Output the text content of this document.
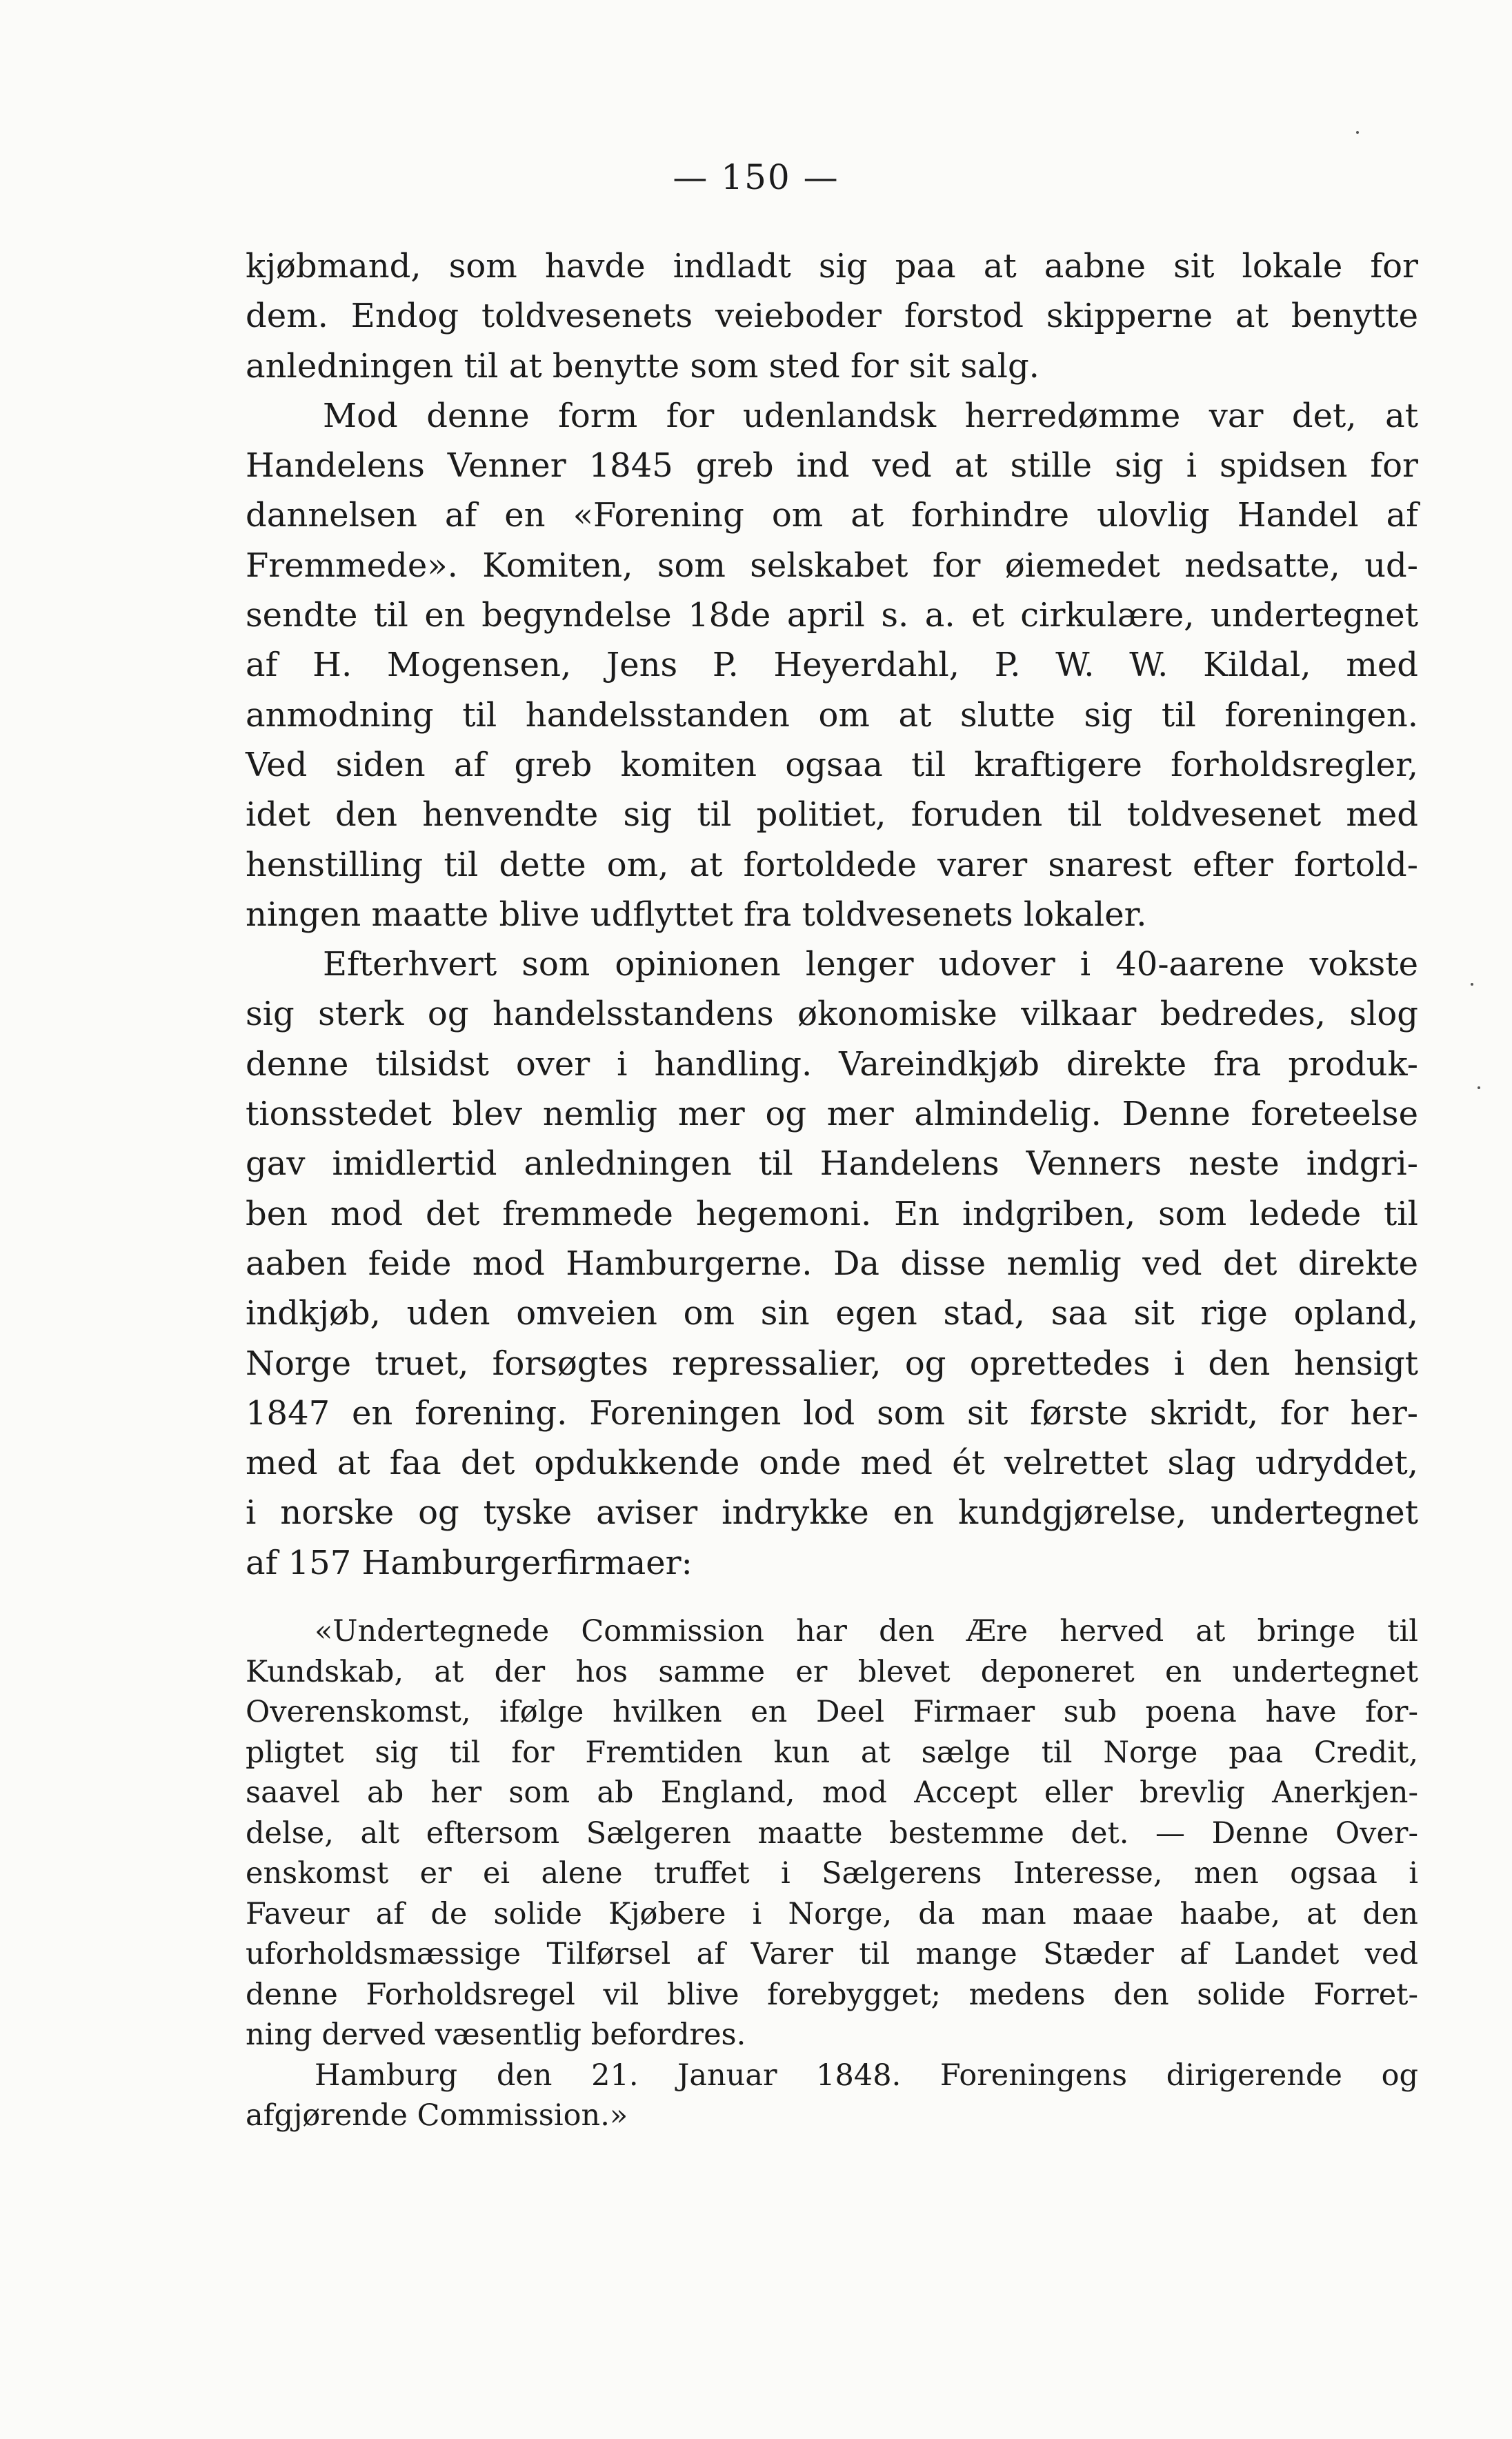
— 150 —
kjøbmand, som havde indladt sig paa at aabne sit lokale for
dem. Endog toldvesenets veieboder forstod skipperne at benytte
anledningen til at benytte som sted for sit salg.
Mod denne form for udenlandsk herredømme var det, at
Handelens Venner 1845 greb ind ved at stille sig i spidsen for
dannelsen af en «Forening om at forhindre ulovlig Handel af
Fremmede». Komiten, som selskabet for øiemedet nedsatte, ud-
sendte til en begyndelse 18de april s. a. et cirkulære, undertegnet
af H. Mogensen, Jens P. Heyerdahl, P. W. W. Kildal, med
anmodning til handelsstanden om at slutte sig til foreningen.
Ved siden af greb komiten ogsaa til kraftigere forholdsregler,
idet den henvendte sig til politiet, foruden til toldvesenet med
henstilling til dette om, at fortoldede varer snarest efter fortold-
ningen maatte blive udflyttet fra toldvesenets lokaler.
Efterhvert som opinionen lenger udover i 40-aarene vokste
sig sterk og handelsstandens økonomiske vilkaar bedredes, slog
denne tilsidst over i handling. Vareindkjøb direkte fra produk-
tionsstedet blev nemlig mer og mer almindelig. Denne foreteelse
gav imidlertid anledningen til Handelens Venners neste indgri-
ben mod det fremmede hegemoni. En indgriben, som ledede til
aaben feide mod Hamburgerne. Da disse nemlig ved det direkte
indkjøb, uden omveien om sin egen stad, saa sit rige opland,
Norge truet, forsøgtes repressalier, og oprettedes i den hensigt
1847 en forening. Foreningen lod som sit første skridt, for her-
med at faa det opdukkende onde med ét velrettet slag udryddet,
i norske og tyske aviser indrykke en kundgjørelse, undertegnet
af 157 Hamburgerfirmaer:
«Undertegnede Commission har den Ære herved at bringe til
Kundskab, at der hos samme er blevet deponeret en undertegnet
Overenskomst, ifølge hvilken en Deel Firmaer sub poena have for-
pligtet sig til for Fremtiden kun at sælge til Norge paa Credit,
saavel ab her som ab England, mod Accept eller brevlig Anerkjen-
delse, alt eftersom Sælgeren maatte bestemme det. — Denne Over-
enskomst er ei alene truffet i Sælgerens Interesse, men ogsaa i
Faveur af de solide Kjøbere i Norge, da man maae haabe, at den
uforholdsmæssige Tilførsel af Varer til mange Stæder af Landet ved
denne Forholdsregel vil blive forebygget; medens den solide Forret-
ning derved væsentlig befordres.
Hamburg den 21. Januar 1848. Foreningens dirigerende og
afgjørende Commission.»
